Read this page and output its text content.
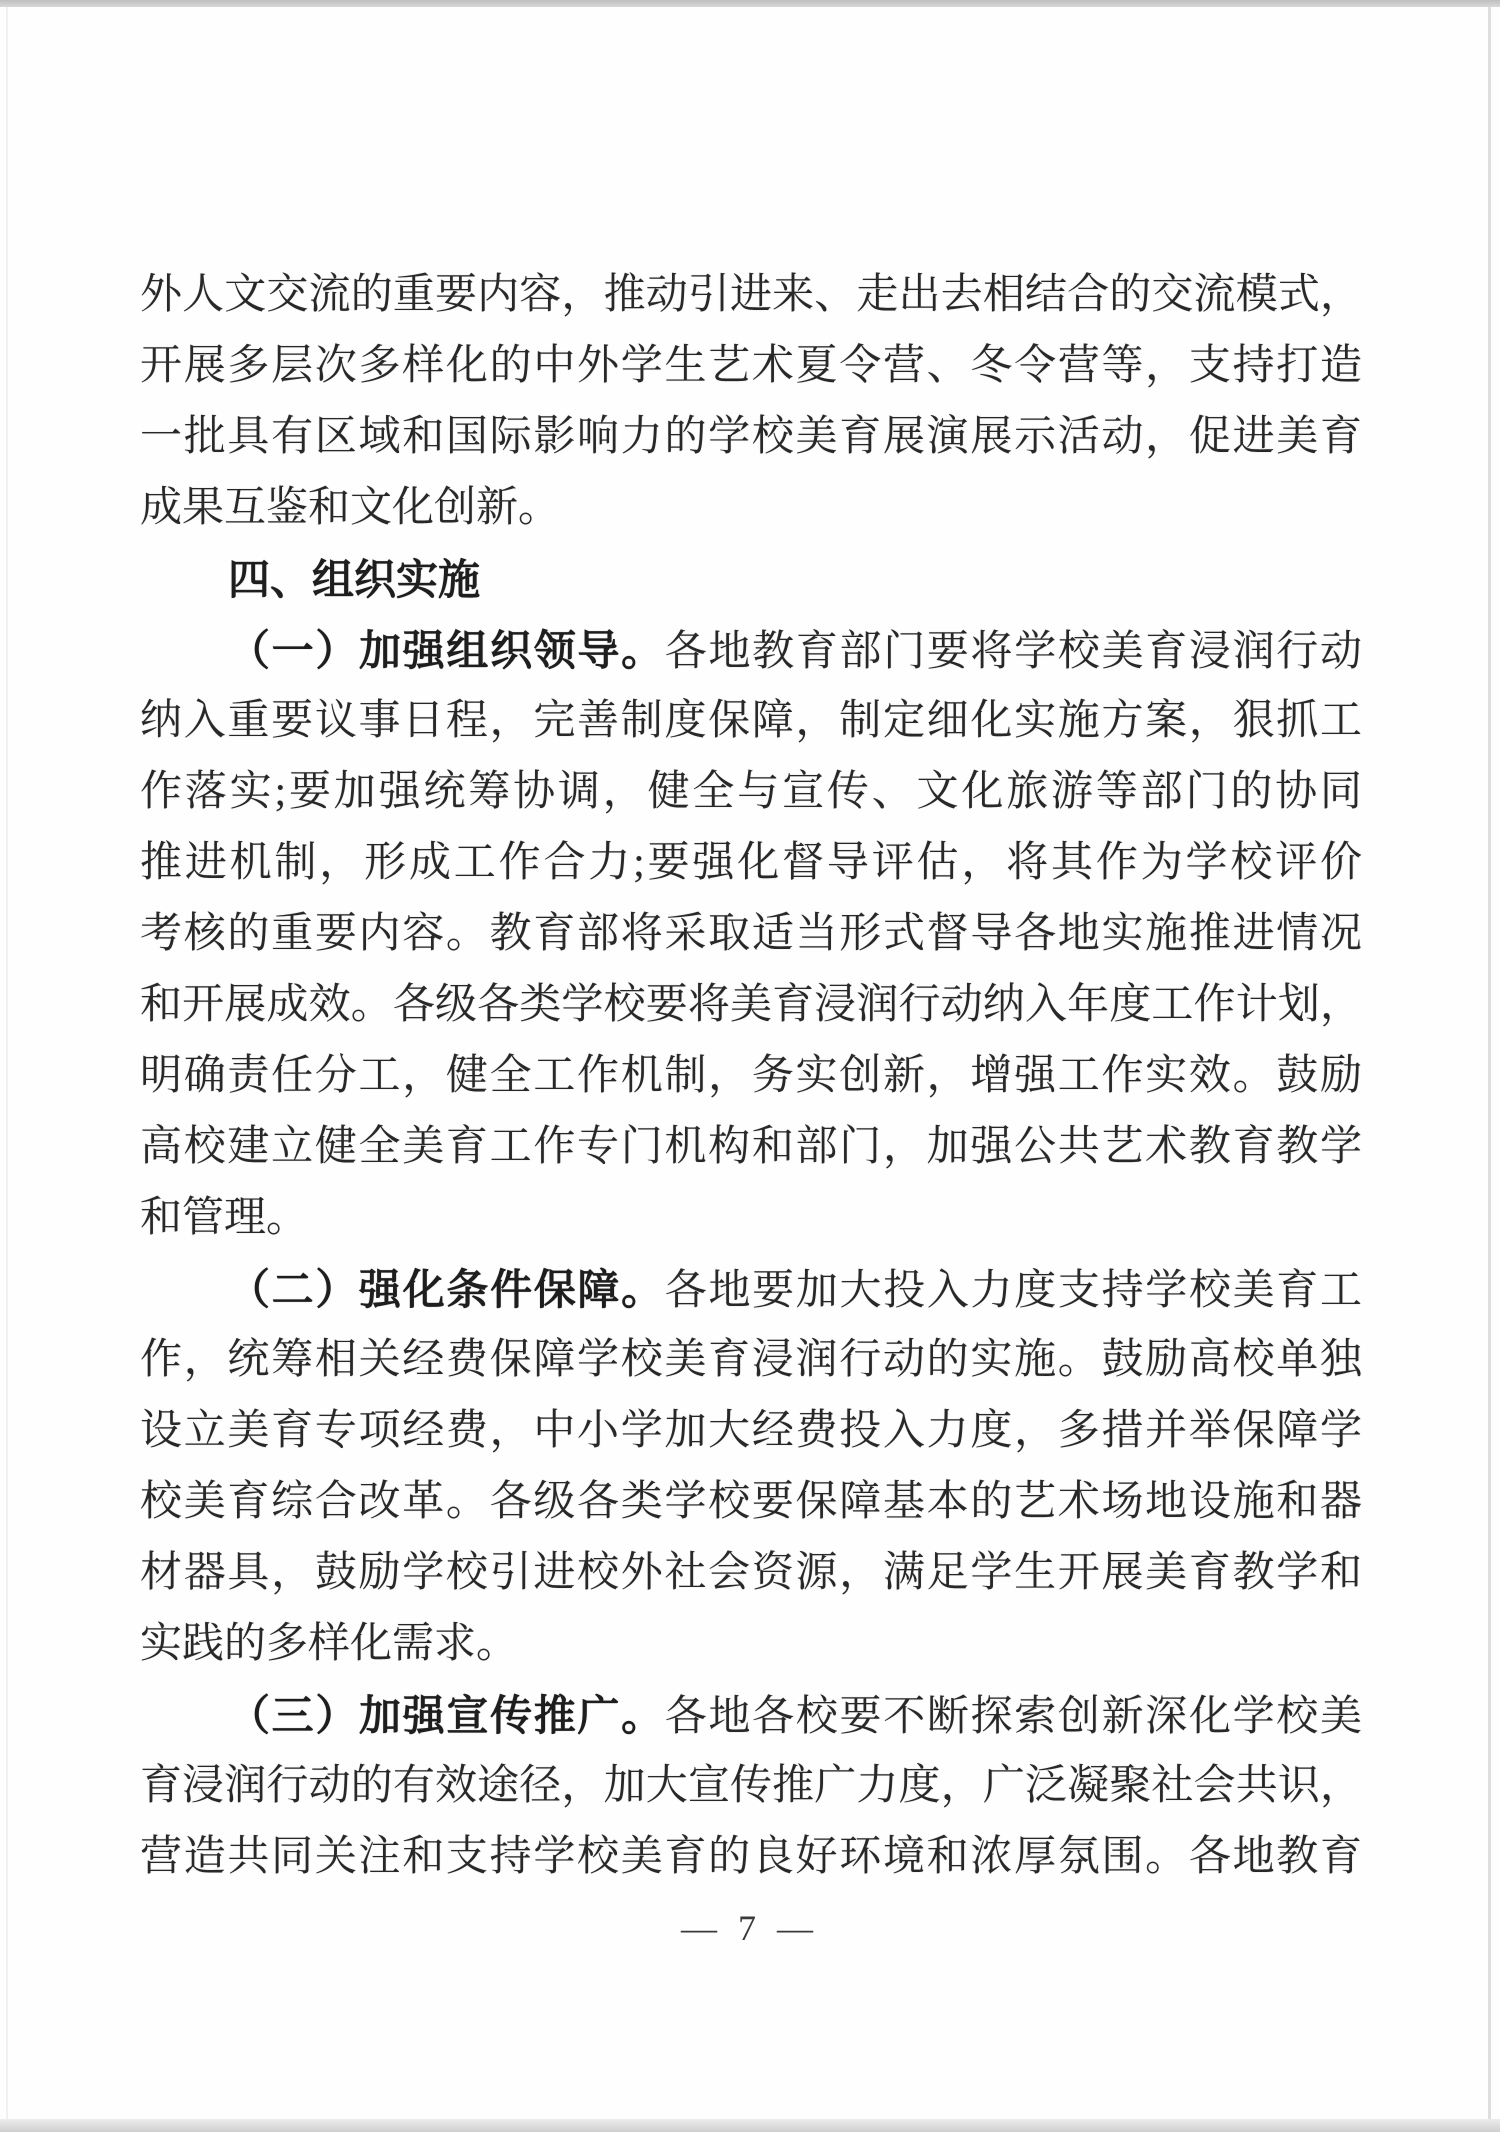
外人文交流的重要内容，推动引进来、走出去相结合的交流模式，
开展多层次多样化的中外学生艺术夏令营、冬令营等，支持打造
一批具有区域和国际影响力的学校美育展演展示活动，促进美育
成果互鉴和文化创新。
四、组织实施
（一）加强组织领导。各地教育部门要将学校美育浸润行动
纳入重要议事日程，完善制度保障，制定细化实施方案，狠抓工
作落实;要加强统筹协调，健全与宣传、文化旅游等部门的协同
推进机制，形成工作合力;要强化督导评估，将其作为学校评价
考核的重要内容。教育部将采取适当形式督导各地实施推进情况
和开展成效。各级各类学校要将美育浸润行动纳入年度工作计划，
明确责任分工，健全工作机制，务实创新，增强工作实效。鼓励
高校建立健全美育工作专门机构和部门，加强公共艺术教育教学
和管理。
（二）强化条件保障。各地要加大投入力度支持学校美育工
作，统筹相关经费保障学校美育浸润行动的实施。鼓励高校单独
设立美育专项经费，中小学加大经费投入力度，多措并举保障学
校美育综合改革。各级各类学校要保障基本的艺术场地设施和器
材器具，鼓励学校引进校外社会资源，满足学生开展美育教学和
实践的多样化需求。
（三）加强宣传推广。各地各校要不断探索创新深化学校美
育浸润行动的有效途径，加大宣传推广力度，广泛凝聚社会共识，
营造共同关注和支持学校美育的良好环境和浓厚氛围。各地教育
— 7 —
